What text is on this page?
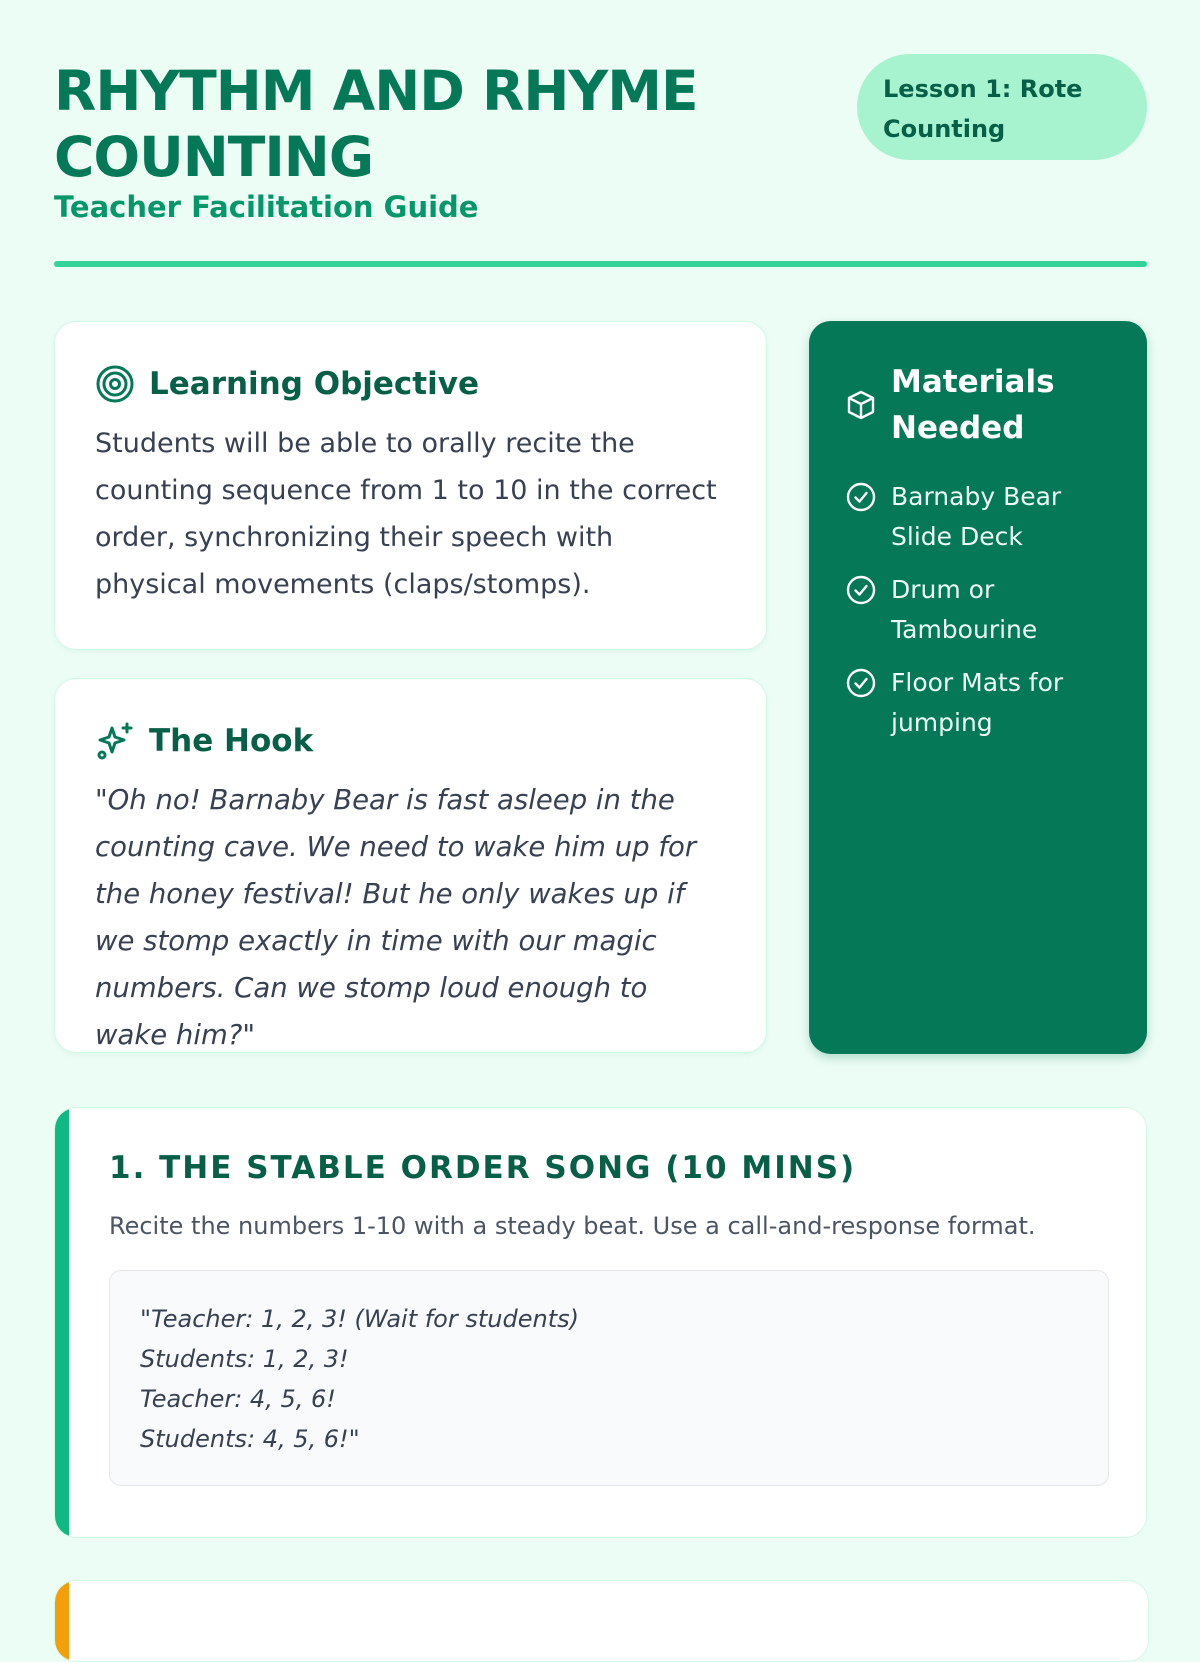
RHYTHM AND RHYME COUNTING
Teacher Facilitation Guide
Lesson 1: Rote Counting
Learning Objective

Students will be able to orally recite the counting sequence from 1 to 10 in the correct order, synchronizing their speech with physical movements (claps/stomps).

The Hook

"Oh no! Barnaby Bear is fast asleep in the counting cave. We need to wake him up for the honey festival! But he only wakes up if we stomp exactly in time with our magic numbers. Can we stomp loud enough to wake him?"

Materials Needed
Barnaby Bear Slide Deck
Drum or Tambourine
Floor Mats for jumping
1. THE STABLE ORDER SONG (10 MINS)

Recite the numbers 1-10 with a steady beat. Use a call-and-response format.

"Teacher: 1, 2, 3! (Wait for students)
Students: 1, 2, 3!
Teacher: 4, 5, 6!
Students: 4, 5, 6!"
